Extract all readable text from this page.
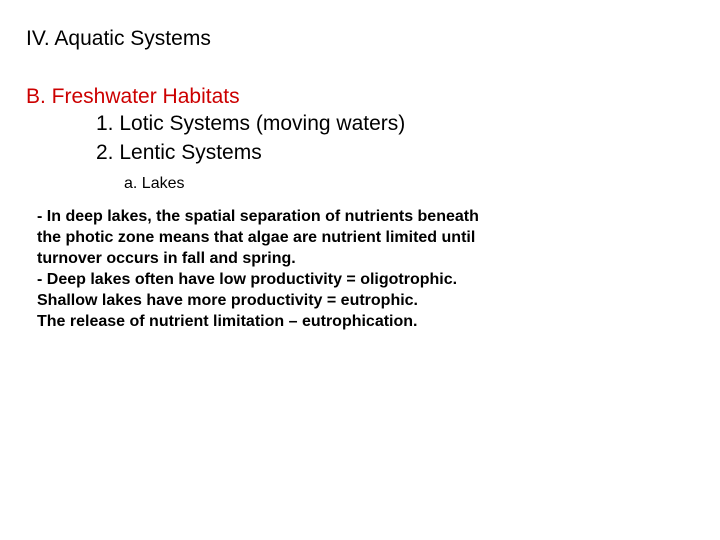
IV. Aquatic Systems
B. Freshwater Habitats
1. Lotic Systems (moving waters)
2. Lentic Systems
a. Lakes
- In deep lakes, the spatial separation of nutrients beneath
the photic zone means that algae are nutrient limited until
turnover occurs in fall and spring.
- Deep lakes often have low productivity = oligotrophic.
Shallow lakes have more productivity = eutrophic.
The release of nutrient limitation – eutrophication.
